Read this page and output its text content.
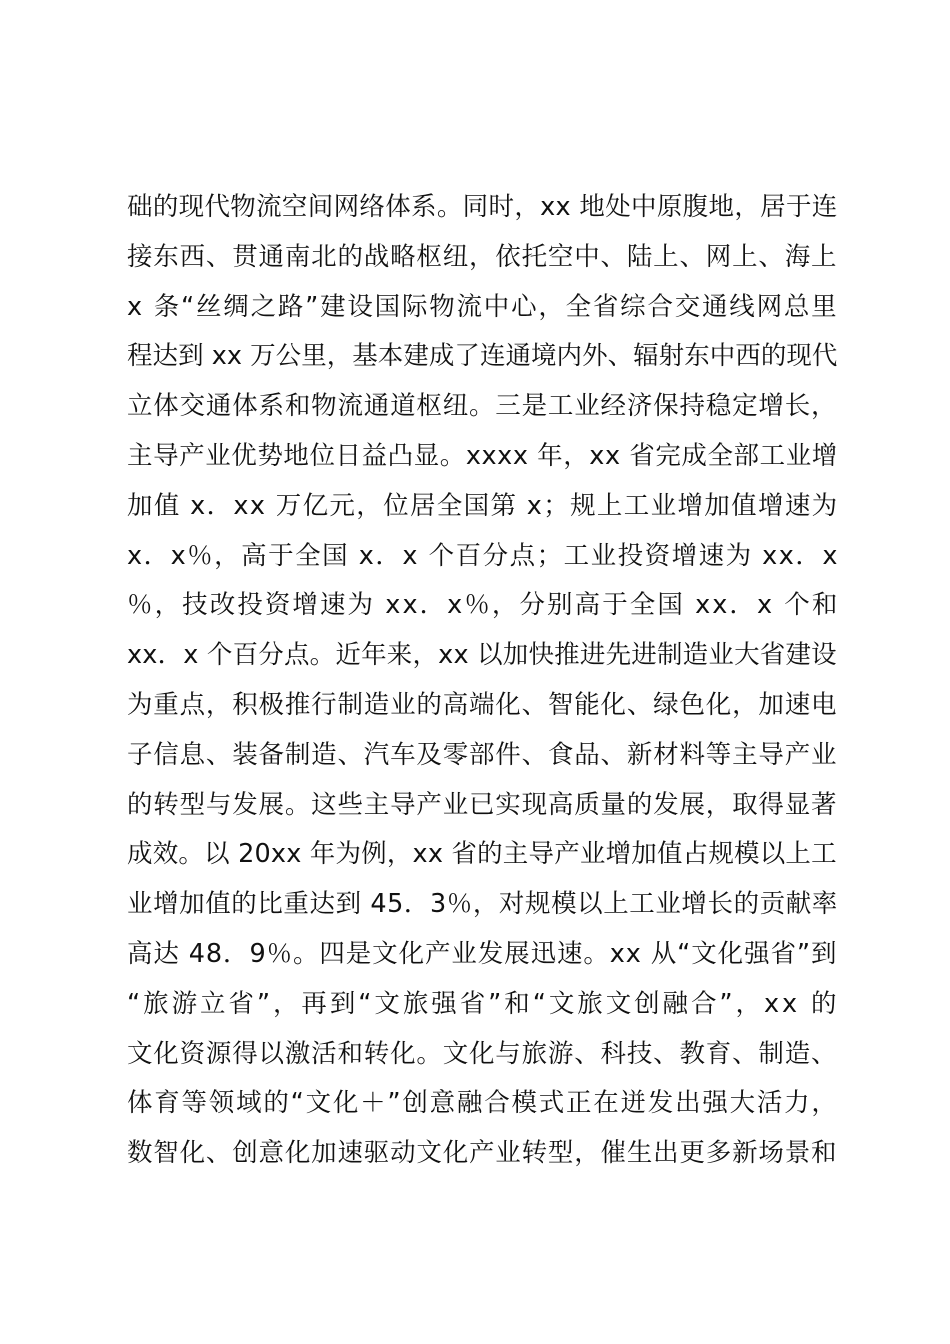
础的现代物流空间网络体系。同时，xx 地处中原腹地，居于连
接东西、贯通南北的战略枢纽，依托空中、陆上、网上、海上
x 条“丝绸之路”建设国际物流中心，全省综合交通线网总里
程达到 xx 万公里，基本建成了连通境内外、辐射东中西的现代
立体交通体系和物流通道枢纽。三是工业经济保持稳定增长，
主导产业优势地位日益凸显。xxxx 年，xx 省完成全部工业增
加值 x．xx 万亿元，位居全国第 x；规上工业增加值增速为
x．x％，高于全国 x．x 个百分点；工业投资增速为 xx．x
％，技改投资增速为 xx．x％，分别高于全国 xx．x 个和
xx．x 个百分点。近年来，xx 以加快推进先进制造业大省建设
为重点，积极推行制造业的高端化、智能化、绿色化，加速电
子信息、装备制造、汽车及零部件、食品、新材料等主导产业
的转型与发展。这些主导产业已实现高质量的发展，取得显著
成效。以 20xx 年为例，xx 省的主导产业增加值占规模以上工
业增加值的比重达到 45．3％，对规模以上工业增长的贡献率
高达 48．9％。四是文化产业发展迅速。xx 从“文化强省”到
“旅游立省”，再到“文旅强省”和“文旅文创融合”，xx 的
文化资源得以激活和转化。文化与旅游、科技、教育、制造、
体育等领域的“文化＋”创意融合模式正在迸发出强大活力，
数智化、创意化加速驱动文化产业转型，催生出更多新场景和
